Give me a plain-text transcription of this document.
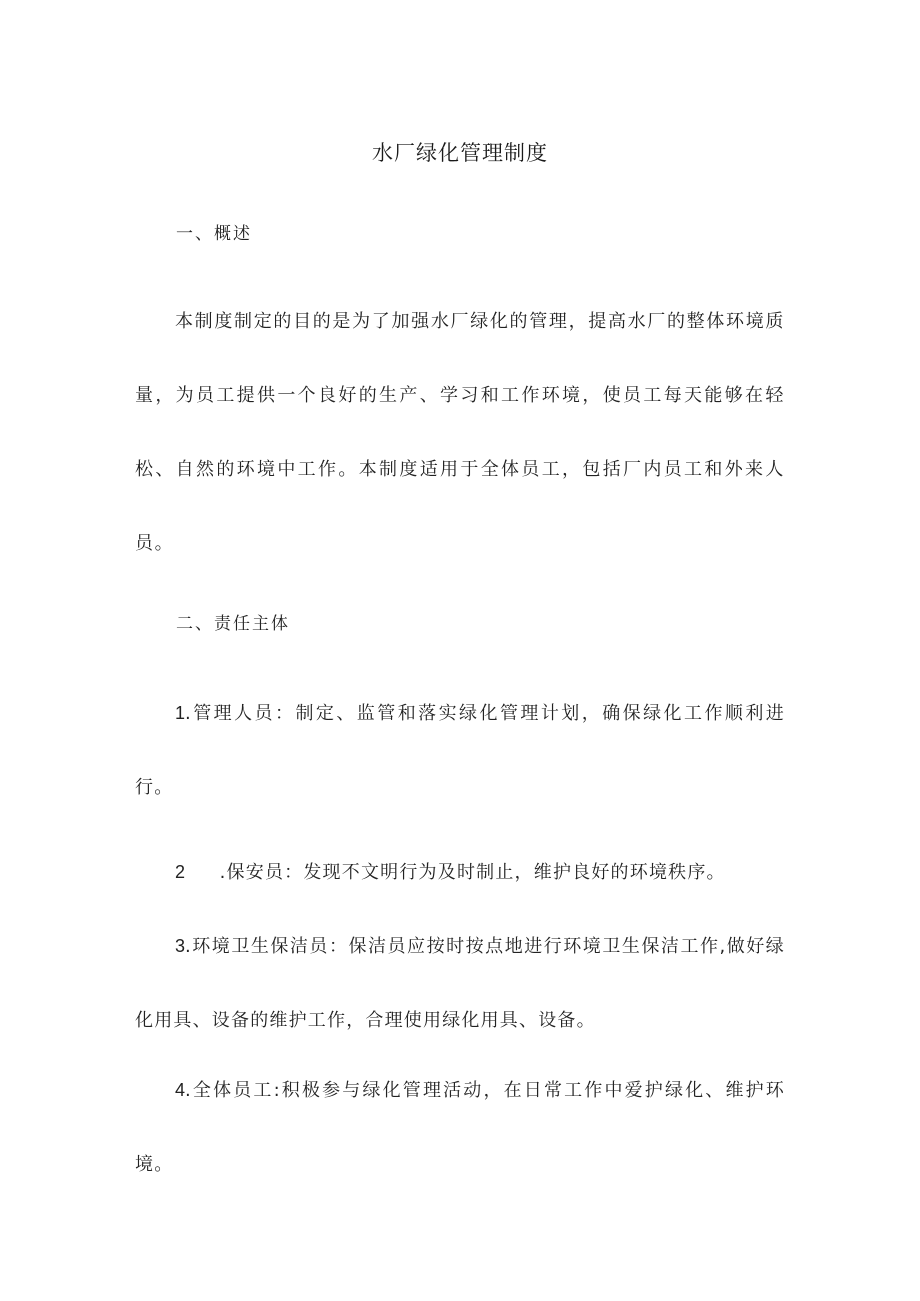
水厂绿化管理制度
一、概述

本制度制定的目的是为了加强水厂绿化的管理，提高水厂的整体环境质量，为员工提供一个良好的生产、学习和工作环境，使员工每天能够在轻松、自然的环境中工作。本制度适用于全体员工，包括厂内员工和外来人员。

二、责任主体

1.管理人员：制定、监管和落实绿化管理计划，确保绿化工作顺利进行。

2     .保安员：发现不文明行为及时制止，维护良好的环境秩序。

3.环境卫生保洁员：保洁员应按时按点地进行环境卫生保洁工作,做好绿化用具、设备的维护工作，合理使用绿化用具、设备。

4.全体员工:积极参与绿化管理活动，在日常工作中爱护绿化、维护环境。
